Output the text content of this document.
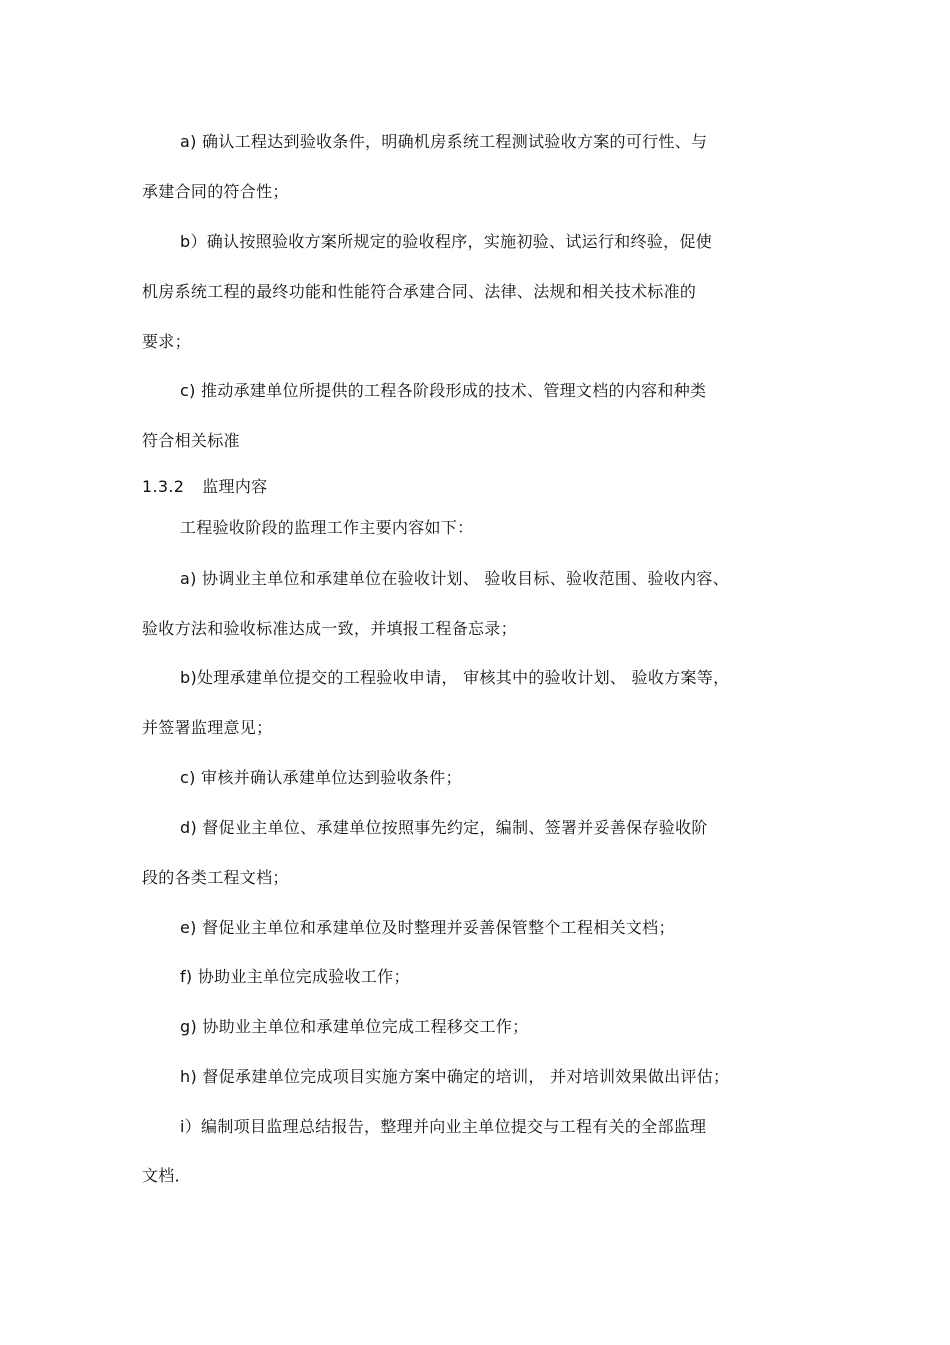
a) 确认工程达到验收条件，明确机房系统工程测试验收方案的可行性、与
承建合同的符合性；
b）确认按照验收方案所规定的验收程序，实施初验、试运行和终验，促使
机房系统工程的最终功能和性能符合承建合同、法律、法规和相关技术标准的
要求；
c) 推动承建单位所提供的工程各阶段形成的技术、管理文档的内容和种类
符合相关标准
1.3.2 监理内容
工程验收阶段的监理工作主要内容如下：
a) 协调业主单位和承建单位在验收计划、 验收目标、验收范围、验收内容、
验收方法和验收标准达成一致，并填报工程备忘录；
b)处理承建单位提交的工程验收申请， 审核其中的验收计划、 验收方案等，
并签署监理意见；
c) 审核并确认承建单位达到验收条件；
d) 督促业主单位、承建单位按照事先约定，编制、签署并妥善保存验收阶
段的各类工程文档；
e) 督促业主单位和承建单位及时整理并妥善保管整个工程相关文档；
f) 协助业主单位完成验收工作；
g) 协助业主单位和承建单位完成工程移交工作；
h) 督促承建单位完成项目实施方案中确定的培训， 并对培训效果做出评估；
i）编制项目监理总结报告，整理并向业主单位提交与工程有关的全部监理
文档．
